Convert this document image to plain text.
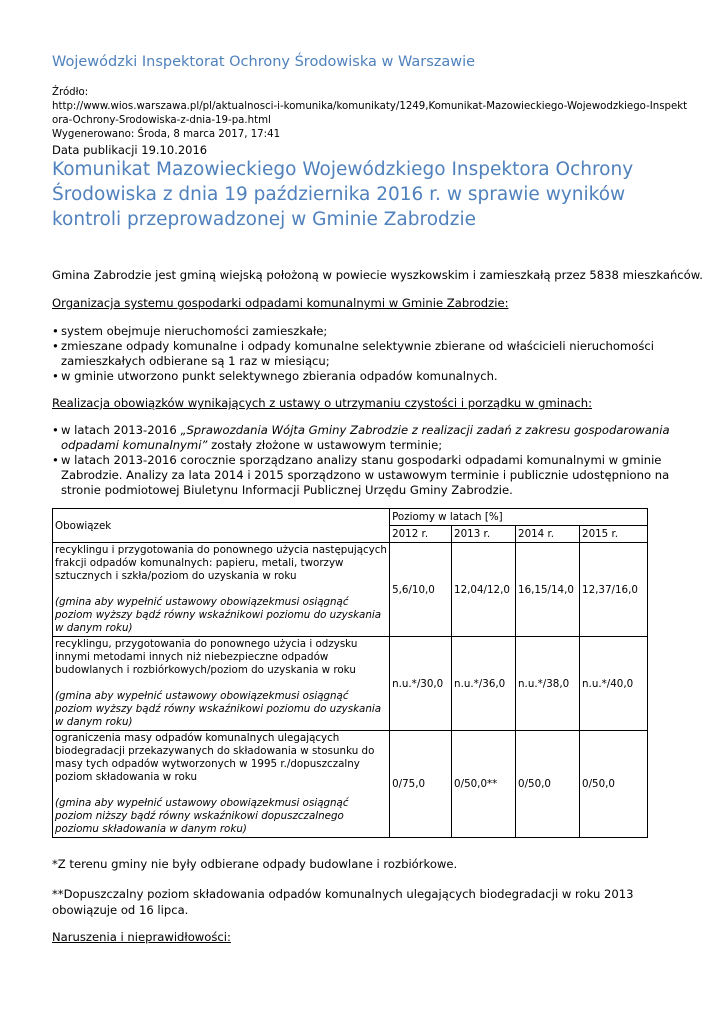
Wojewódzki Inspektorat Ochrony Środowiska w Warszawie
Źródło:
http://www.wios.warszawa.pl/pl/aktualnosci-i-komunika/komunikaty/1249,Komunikat-Mazowieckiego-Wojewodzkiego-Inspekt
ora-Ochrony-Srodowiska-z-dnia-19-pa.html
Wygenerowano: Środa, 8 marca 2017, 17:41
Data publikacji 19.10.2016
Komunikat Mazowieckiego Wojewódzkiego Inspektora Ochrony Środowiska z dnia 19 października 2016 r. w sprawie wyników kontroli przeprowadzonej w Gminie Zabrodzie
Gmina Zabrodzie jest gminą wiejską położoną w powiecie wyszkowskim i zamieszkałą przez 5838 mieszkańców.
Organizacja systemu gospodarki odpadami komunalnymi w Gminie Zabrodzie:
• system obejmuje nieruchomości zamieszkałe;
• zmieszane odpady komunalne i odpady komunalne selektywnie zbierane od właścicieli nieruchomości zamieszkałych odbierane są 1 raz w miesiącu;
• w gminie utworzono punkt selektywnego zbierania odpadów komunalnych.
Realizacja obowiązków wynikających z ustawy o utrzymaniu czystości i porządku w gminach:
• w latach 2013-2016 „Sprawozdania Wójta Gminy Zabrodzie z realizacji zadań z zakresu gospodarowania odpadami komunalnymi” zostały złożone w ustawowym terminie;
• w latach 2013-2016 corocznie sporządzano analizy stanu gospodarki odpadami komunalnymi w gminie Zabrodzie. Analizy za lata 2014 i 2015 sporządzono w ustawowym terminie i publicznie udostępniono na stronie podmiotowej Biuletynu Informacji Publicznej Urzędu Gminy Zabrodzie.
Obowiązek	Poziomy w latach [%]			
	2012 r.	2013 r.	2014 r.	2015 r.

recyklingu i przygotowania do ponownego użycia następujących frakcji odpadów komunalnych: papieru, metali, tworzyw sztucznych i szkła/poziom do uzyskania w roku

(gmina aby wypełnić ustawowy obowiązekmusi osiągnąć poziom wyższy bądź równy wskaźnikowi poziomu do uzyskania w danym roku)	5,6/10,0	12,04/12,0	16,15/14,0	12,37/16,0

recyklingu, przygotowania do ponownego użycia i odzysku innymi metodami innych niż niebezpieczne odpadów budowlanych i rozbiórkowych/poziom do uzyskania w roku

(gmina aby wypełnić ustawowy obowiązekmusi osiągnąć poziom wyższy bądź równy wskaźnikowi poziomu do uzyskania w danym roku)	n.u.*/30,0	n.u.*/36,0	n.u.*/38,0	n.u.*/40,0

ograniczenia masy odpadów komunalnych ulegających biodegradacji przekazywanych do składowania w stosunku do masy tych odpadów wytworzonych w 1995 r./dopuszczalny poziom składowania w roku

(gmina aby wypełnić ustawowy obowiązekmusi osiągnąć poziom niższy bądź równy wskaźnikowi dopuszczalnego poziomu składowania w danym roku)	0/75,0	0/50,0**	0/50,0	0/50,0
*Z terenu gminy nie były odbierane odpady budowlane i rozbiórkowe.
**Dopuszczalny poziom składowania odpadów komunalnych ulegających biodegradacji w roku 2013 obowiązuje od 16 lipca.
Naruszenia i nieprawidłowości:
